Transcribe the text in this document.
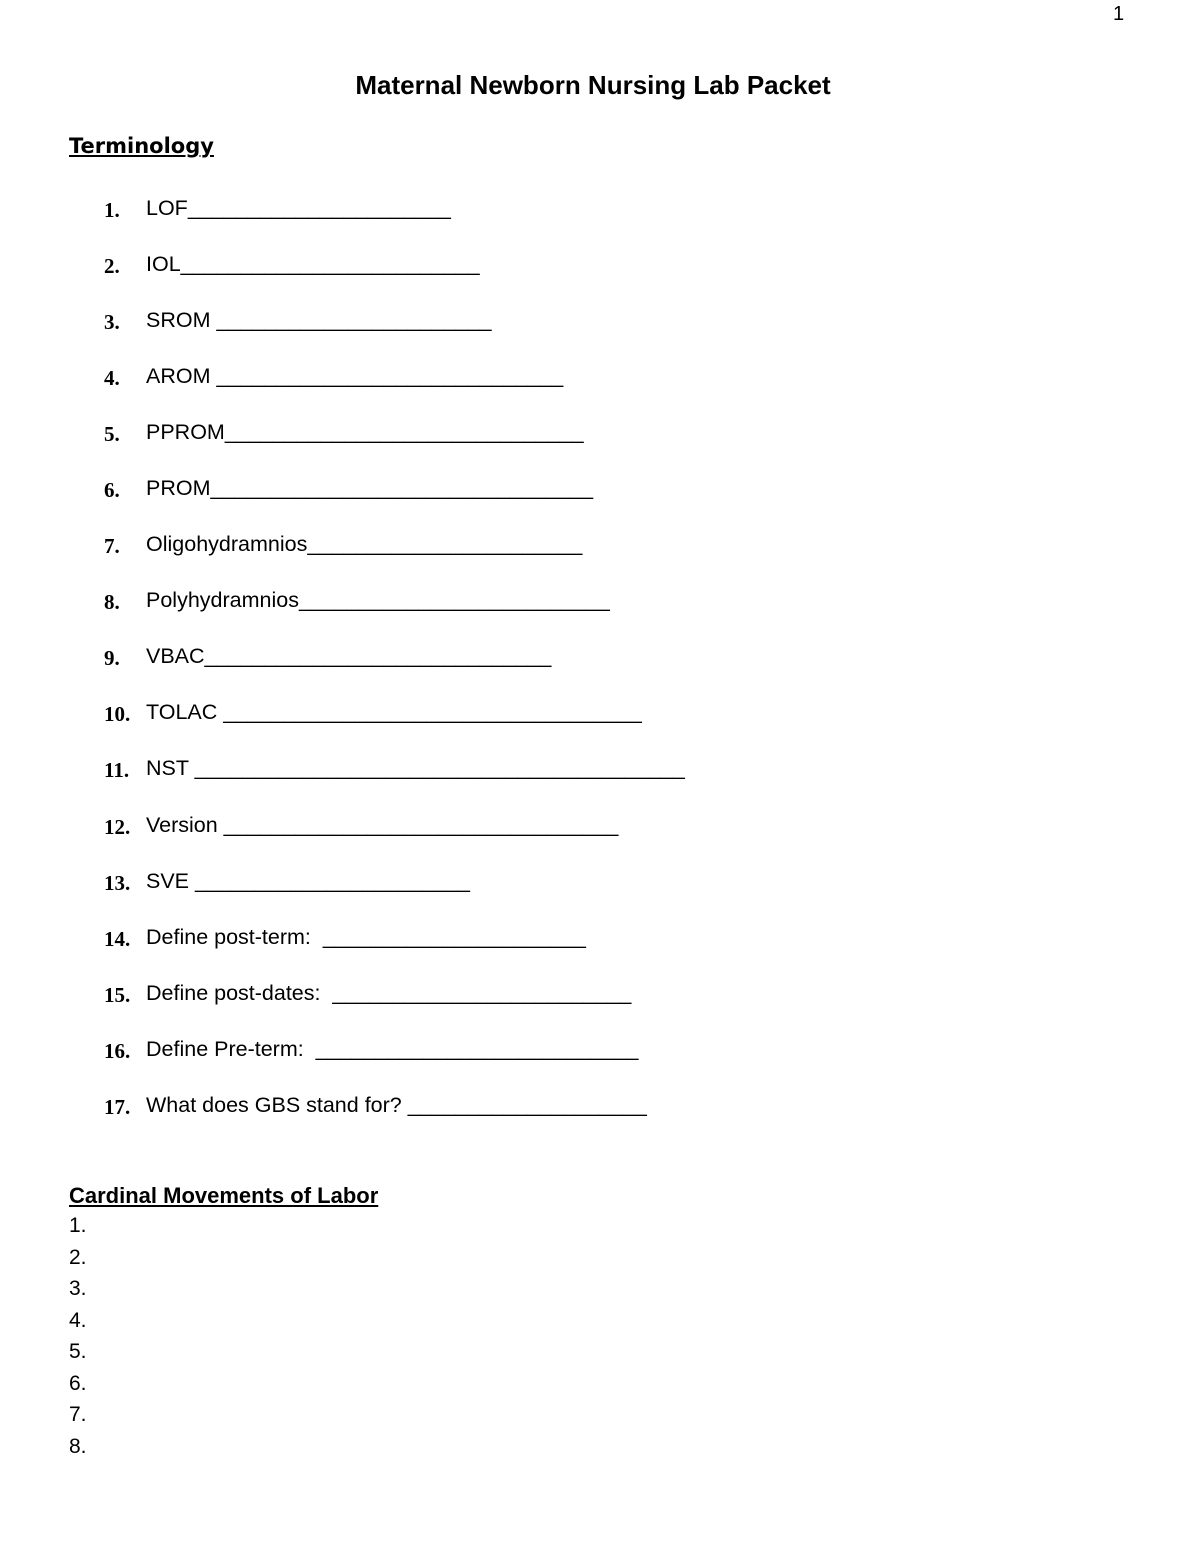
1
Maternal Newborn Nursing Lab Packet
Terminology
1.	LOF______________________
2.	IOL_________________________
3.	SROM _______________________
4.	AROM _____________________________
5.	PPROM______________________________
6.	PROM________________________________
7.	Oligohydramnios_______________________
8.	Polyhydramnios__________________________
9.	VBAC_____________________________
10. TOLAC ___________________________________
11. NST _________________________________________
12. Version _________________________________
13. SVE _______________________
14. Define post-term:  ______________________
15. Define post-dates:  _________________________
16. Define Pre-term:  ___________________________
17. What does GBS stand for? ____________________
Cardinal Movements of Labor
1.
2.
3.
4.
5.
6.
7.
8.
